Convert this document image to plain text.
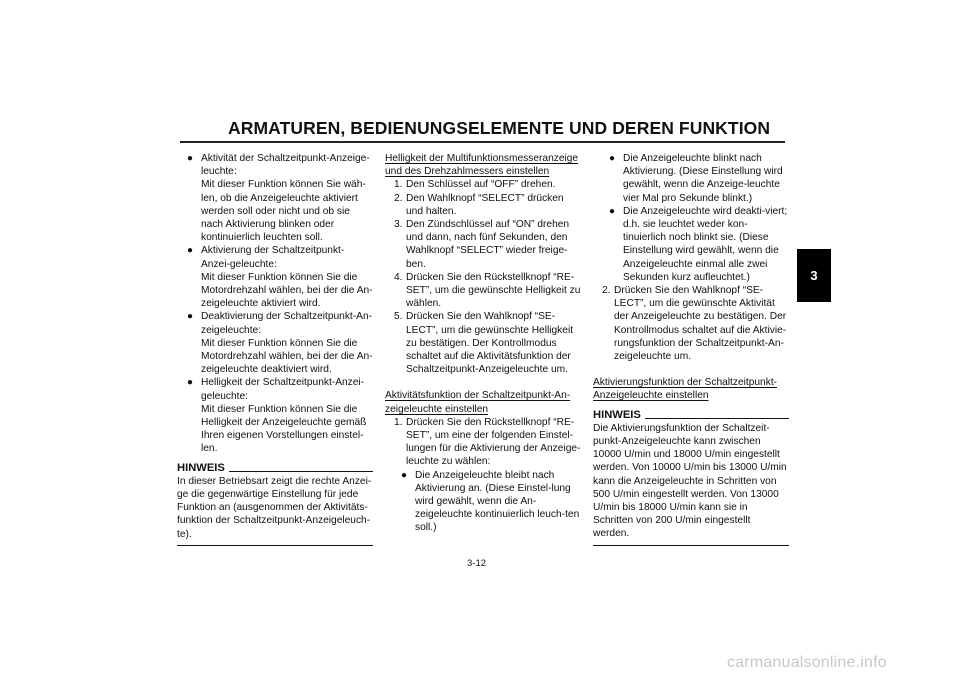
ARMATUREN, BEDIENUNGSELEMENTE UND DEREN FUNKTION
3
● Aktivität der Schaltzeitpunkt-Anzeige-leuchte:
Mit dieser Funktion können Sie wäh-len, ob die Anzeigeleuchte aktiviert werden soll oder nicht und ob sie nach Aktivierung blinken oder kontinuierlich leuchten soll.
● Aktivierung der Schaltzeitpunkt-Anzei-geleuchte:
Mit dieser Funktion können Sie die Motordrehzahl wählen, bei der die An-zeigeleuchte aktiviert wird.
● Deaktivierung der Schaltzeitpunkt-An-zeigeleuchte:
Mit dieser Funktion können Sie die Motordrehzahl wählen, bei der die An-zeigeleuchte deaktiviert wird.
● Helligkeit der Schaltzeitpunkt-Anzei-geleuchte:
Mit dieser Funktion können Sie die Helligkeit der Anzeigeleuchte gemäß Ihren eigenen Vorstellungen einstel-len.
HINWEIS
In dieser Betriebsart zeigt die rechte Anzei-ge die gegenwärtige Einstellung für jede Funktion an (ausgenommen der Aktivitäts-funktion der Schaltzeitpunkt-Anzeigeleuch-te).
Helligkeit der Multifunktionsmesseranzeige und des Drehzahlmessers einstellen
1. Den Schlüssel auf “OFF” drehen.
2. Den Wahlknopf “SELECT” drücken und halten.
3. Den Zündschlüssel auf “ON” drehen und dann, nach fünf Sekunden, den Wahlknopf “SELECT” wieder freige-ben.
4. Drücken Sie den Rückstellknopf “RE-SET”, um die gewünschte Helligkeit zu wählen.
5. Drücken Sie den Wahlknopf “SE-LECT”, um die gewünschte Helligkeit zu bestätigen. Der Kontrollmodus schaltet auf die Aktivitätsfunktion der Schaltzeitpunkt-Anzeigeleuchte um.
Aktivitätsfunktion der Schaltzeitpunkt-An-zeigeleuchte einstellen
1. Drücken Sie den Rückstellknopf “RE-SET”, um eine der folgenden Einstel-lungen für die Aktivierung der Anzeige-leuchte zu wählen:
● Die Anzeigeleuchte bleibt nach Aktivierung an. (Diese Einstel-lung wird gewählt, wenn die An-zeigeleuchte kontinuierlich leuch-ten soll.)
● Die Anzeigeleuchte blinkt nach Aktivierung. (Diese Einstellung wird gewählt, wenn die Anzeige-leuchte vier Mal pro Sekunde blinkt.)
● Die Anzeigeleuchte wird deakti-viert; d.h. sie leuchtet weder kon-tinuierlich noch blinkt sie. (Diese Einstellung wird gewählt, wenn die Anzeigeleuchte einmal alle zwei Sekunden kurz aufleuchtet.)
2. Drücken Sie den Wahlknopf “SE-LECT”, um die gewünschte Aktivität der Anzeigeleuchte zu bestätigen. Der Kontrollmodus schaltet auf die Aktivie-rungsfunktion der Schaltzeitpunkt-An-zeigeleuchte um.
Aktivierungsfunktion der Schaltzeitpunkt-Anzeigeleuchte einstellen
HINWEIS
Die Aktivierungsfunktion der Schaltzeit-punkt-Anzeigeleuchte kann zwischen 10000 U/min und 18000 U/min eingestellt werden. Von 10000 U/min bis 13000 U/min kann die Anzeigeleuchte in Schritten von 500 U/min eingestellt werden. Von 13000 U/min bis 18000 U/min kann sie in Schritten von 200 U/min eingestellt werden.
3-12
carmanualsonline.info
